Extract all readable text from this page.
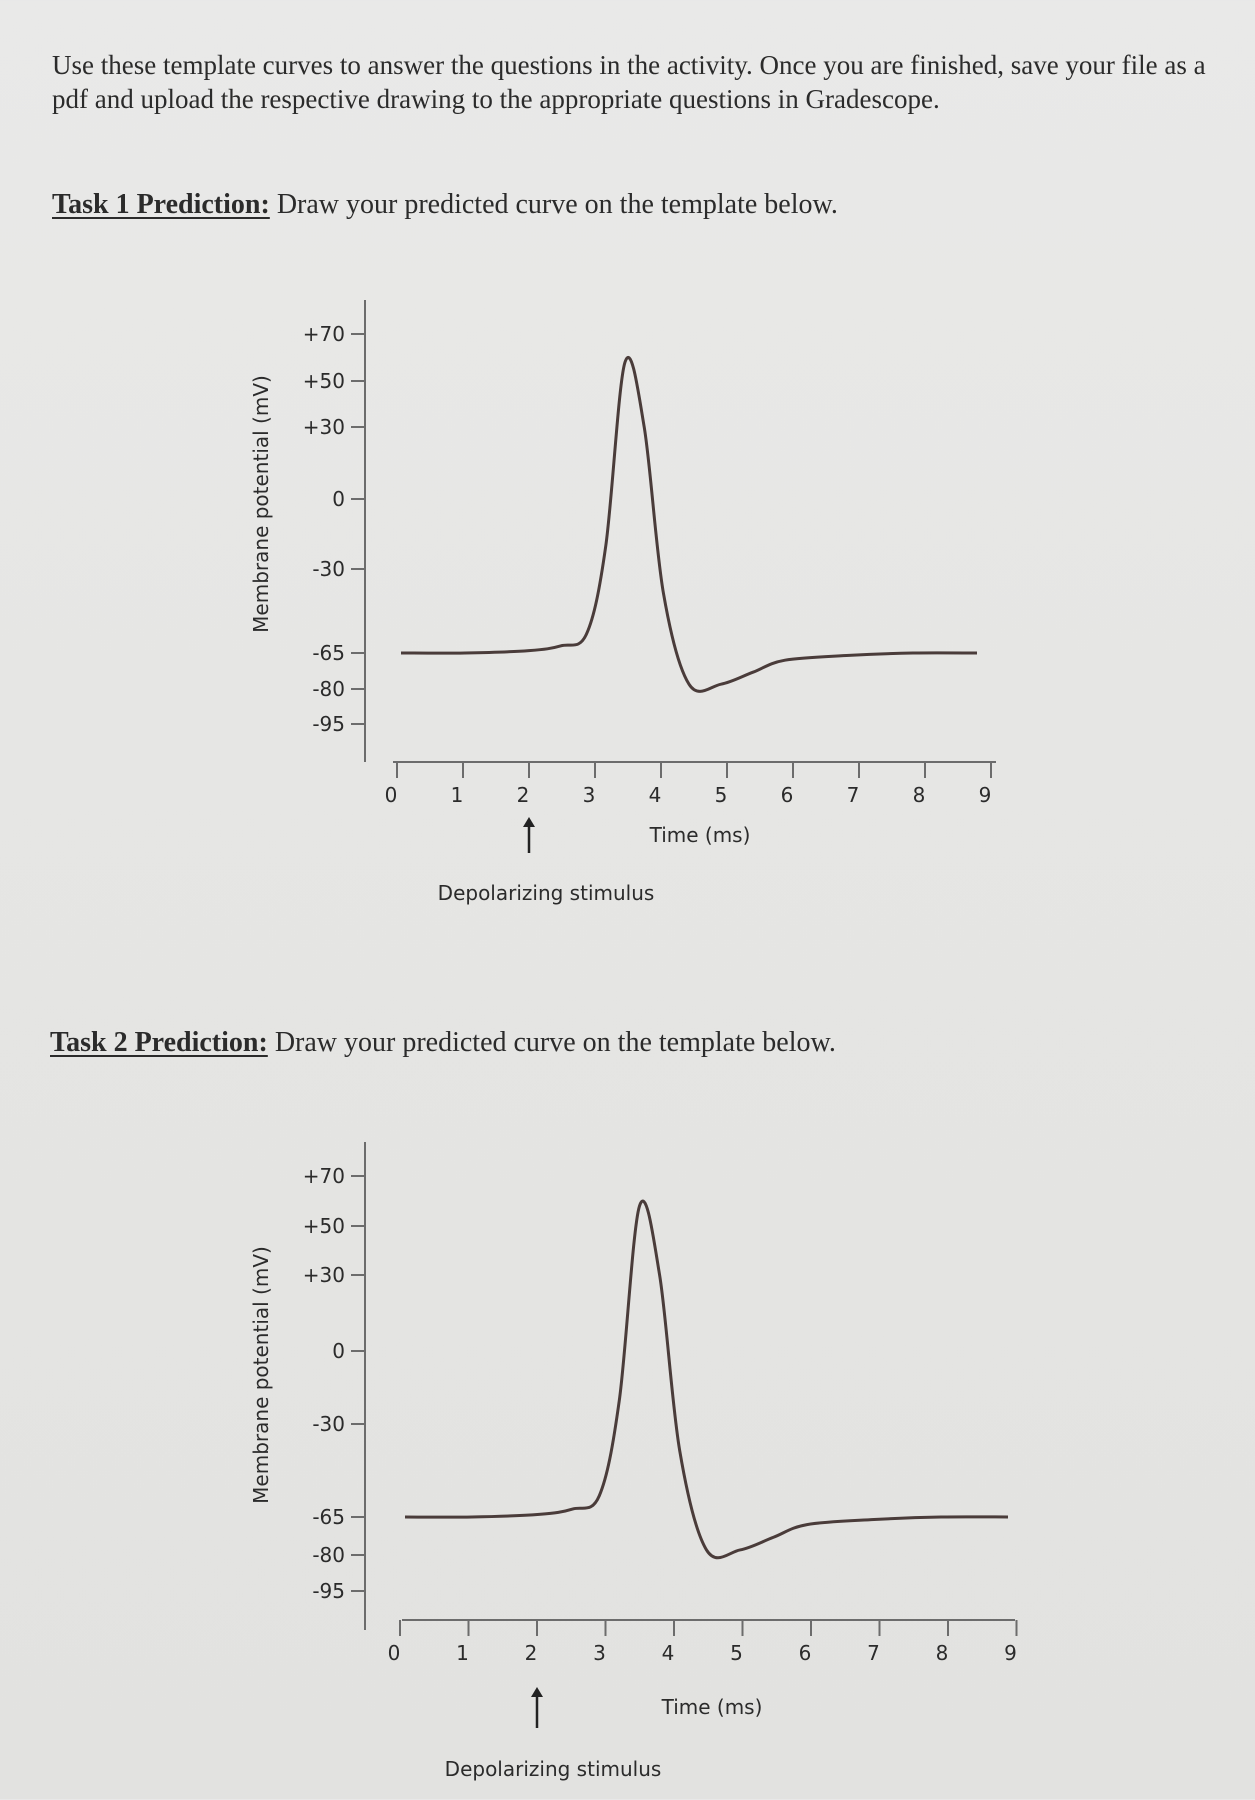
Use these template curves to answer the questions in the activity. Once you are finished, save your file as a pdf and upload the respective drawing to the appropriate questions in Gradescope.

Task 1 Prediction: Draw your predicted curve on the template below.

+70
+50
+30
0
-30
-65
-80
-95
Membrane potential (mV)
0	1	2	3	4	5	6	7	8	9
Time (ms)
Depolarizing stimulus

Task 2 Prediction: Draw your predicted curve on the template below.

+70
+50
+30
0
-30
-65
-80
-95
Membrane potential (mV)
0	1	2	3	4	5	6	7	8	9
Time (ms)
Depolarizing stimulus
